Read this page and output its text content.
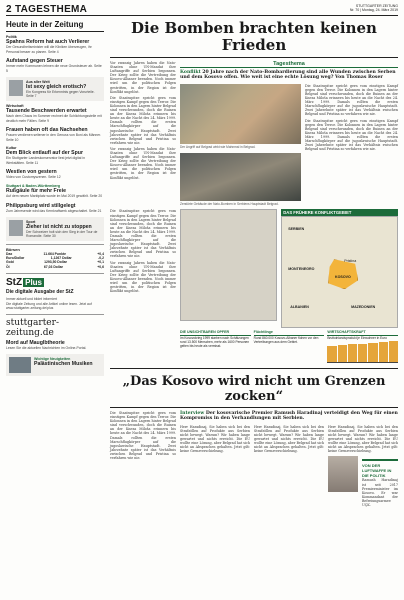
2 TAGESTHEMA	STUTTGARTER ZEITUNG
Nr. 70 | Montag, 24. März 2019
Heute in der Zeitung
Politik
Spahns Reform hat auch Verlierer
Der Gesundheitsminister will die Kliniken überzeugen, ihr Personal besser zu planen. Seite 4
Aufstand gegen Steuer
Immer mehr Kommunen lehnen die neue Grundsteuer ab. Seite 5
Aus aller Welt
Ist sexy gleich erotisch?
Ein Kongress für Erkenntnis gegen Vorurteile. Seite 7
Wirtschaft
Tausende Beschwerden erwartet
Nach dem Chaos im Sommer rechnet die Schlichtungsstelle mit deutlich mehr Fällen. Seite 9
Frauen haben oft das Nachsehen
Frauen verdienen seltener in den Genuss von Boni als Männer. Seite 10
Kultur
Dem Blick entlaufl auf der Spur
Ein Stuttgarter Landeskonservator liest jetzt digital in Werkstätten. Seite 11
Westlen von gestern
Video von Customyszenen. Seite 12
Stuttgart & Baden-Württemberg
Rußgäule für mehr Freie
Auf dem neuen Marktplatz wurde im Mai 2019 gewählt. Seite 20
Philippsburg wird stillgelegt
Zum Jahresende wird das Kernkraftwerk abgeschaltet. Seite 21
Sport
Zieher ist nicht zu stoppen
Der Schweizer holt sich den Sieg in der Tour de Romandie. Seite 30
Börsen
Dax	11.664 Punkte	+0,4
Euro/Dollar	1,1267 Dollar	-0,2
Gold	1293,50 Dollar	+0,1
Öl	67,03 Dollar	+0,6
StZ Plus
Die digitale Ausgabe der StZ
Immer aktuell und bildet informiert
Die digitale Zeitung und alle Artikel online lesen. Jetzt auf www.stuttgarter-zeitung.de/plus
stuttgarter-zeitung.de
Mord auf Mauglbtheorie
Lesen Sie die aktuellen Nachrichten im Online-Portal.
Wichtige Neuigkeiten
Palästinischen Musiken
Die Bomben brachten keinen Frieden
Vor zwanzig Jahren haben die Nato-Staaten ohne UN-Mandat ihre Luftangriffe auf Serbien begonnen. Der Krieg sollte die Vertreibung der Kosovo-Albaner beenden. Noch immer wird um die politischen Folgen gestritten, in der Region ist der Konflikt ungelöst.
Die Staatsspitze spricht gern vom einstigen Kampf gegen den Terror. Die Kolonnen in den Lagern hinter Belgrad sind verschwunden, doch die Ruinen an der Kneza Miloša erinnern bis heute an die Nacht des 24. März 1999. Damals rollten die ersten Marschflugkörper auf die jugoslawische Hauptstadt. Zwei Jahrzehnte später ist das Verhältnis zwischen Belgrad und Pristina so verfahren wie nie.
Vor zwanzig Jahren haben die Nato-Staaten ohne UN-Mandat ihre Luftangriffe auf Serbien begonnen. Der Krieg sollte die Vertreibung der Kosovo-Albaner beenden. Noch immer wird um die politischen Folgen gestritten, in der Region ist der Konflikt ungelöst.
Tagesthema
Konflikt 20 Jahre nach der Nato-Bombardierung sind alle Wunden zwischen Serben und dem Kosovo offen. Wie weit ist eine echte Lösung weg? Von Thomas Roser
Der Angriff auf Belgrad wirkt wie Mahnmal in Belgrad.
Zerstörte Gebäude der Nato-Bomben in Serbiens Hauptstadt Belgrad.
Die Staatsspitze spricht gern vom einstigen Kampf gegen den Terror. Die Kolonnen in den Lagern hinter Belgrad sind verschwunden, doch die Ruinen an der Kneza Miloša erinnern bis heute an die Nacht des 24. März 1999. Damals rollten die ersten Marschflugkörper auf die jugoslawische Hauptstadt. Zwei Jahrzehnte später ist das Verhältnis zwischen Belgrad und Pristina so verfahren wie nie.
Die Staatsspitze spricht gern vom einstigen Kampf gegen den Terror. Die Kolonnen in den Lagern hinter Belgrad sind verschwunden, doch die Ruinen an der Kneza Miloša erinnern bis heute an die Nacht des 24. März 1999. Damals rollten die ersten Marschflugkörper auf die jugoslawische Hauptstadt. Zwei Jahrzehnte später ist das Verhältnis zwischen Belgrad und Pristina so verfahren wie nie.
Die Staatsspitze spricht gern vom einstigen Kampf gegen den Terror. Die Kolonnen in den Lagern hinter Belgrad sind verschwunden, doch die Ruinen an der Kneza Miloša erinnern bis heute an die Nacht des 24. März 1999. Damals rollten die ersten Marschflugkörper auf die jugoslawische Hauptstadt. Zwei Jahrzehnte später ist das Verhältnis zwischen Belgrad und Pristina so verfahren wie nie.
Vor zwanzig Jahren haben die Nato-Staaten ohne UN-Mandat ihre Luftangriffe auf Serbien begonnen. Der Krieg sollte die Vertreibung der Kosovo-Albaner beenden. Noch immer wird um die politischen Folgen gestritten, in der Region ist der Konflikt ungelöst.
DAS FRÜHERE KONFLIKTGEBIET
SERBIEN
KOSOVO
Pristina
ALBANIEN	MAZEDONIEN
MONTENEGRO
DIE UNSICHTBAREN OPFER
Im Kosovokrieg 1999 starben nach Schätzungen rund 13.500 Menschen, mehr als 1600 Personen gelten bis heute als vermisst.
Flüchtlinge
Rund 860.000 Kosovo-Albaner flohen vor den Vertreibungen aus dem Gebiet.
WIRTSCHAFTSKRAFT
Bruttoinlandsprodukt je Einwohner in Euro
„Das Kosovo wird nicht um Grenzen zocken“
Die Staatsspitze spricht gern vom einstigen Kampf gegen den Terror. Die Kolonnen in den Lagern hinter Belgrad sind verschwunden, doch die Ruinen an der Kneza Miloša erinnern bis heute an die Nacht des 24. März 1999. Damals rollten die ersten Marschflugkörper auf die jugoslawische Hauptstadt. Zwei Jahrzehnte später ist das Verhältnis zwischen Belgrad und Pristina so verfahren wie nie.
Interview Der kosovarische Premier Ramush Haradinaj verteidigt den Weg für einen Kompromiss in den Verhandlungen mit Serbien.
Herr Haradinaj, Sie haben sich bei den Strafzöllen auf Produkte aus Serbien nicht bewegt. Warum? Wir haben lange gewartet und nichts erreicht. Die EU wollte eine Lösung, aber Belgrad hat sich nicht an Absprachen gehalten. Jetzt gilt: keine Grenzverschiebung.
Herr Haradinaj, Sie haben sich bei den Strafzöllen auf Produkte aus Serbien nicht bewegt. Warum? Wir haben lange gewartet und nichts erreicht. Die EU wollte eine Lösung, aber Belgrad hat sich nicht an Absprachen gehalten. Jetzt gilt: keine Grenzverschiebung.
Herr Haradinaj, Sie haben sich bei den Strafzöllen auf Produkte aus Serbien nicht bewegt. Warum? Wir haben lange gewartet und nichts erreicht. Die EU wollte eine Lösung, aber Belgrad hat sich nicht an Absprachen gehalten. Jetzt gilt: keine Grenzverschiebung.
VON DER LUFTWAFFE IN DIE POLITIK
Ramush Haradinaj ist seit 2017 Premierminister im Kosovo. Er war Kommandant der Befreiungsarmee UÇK.
